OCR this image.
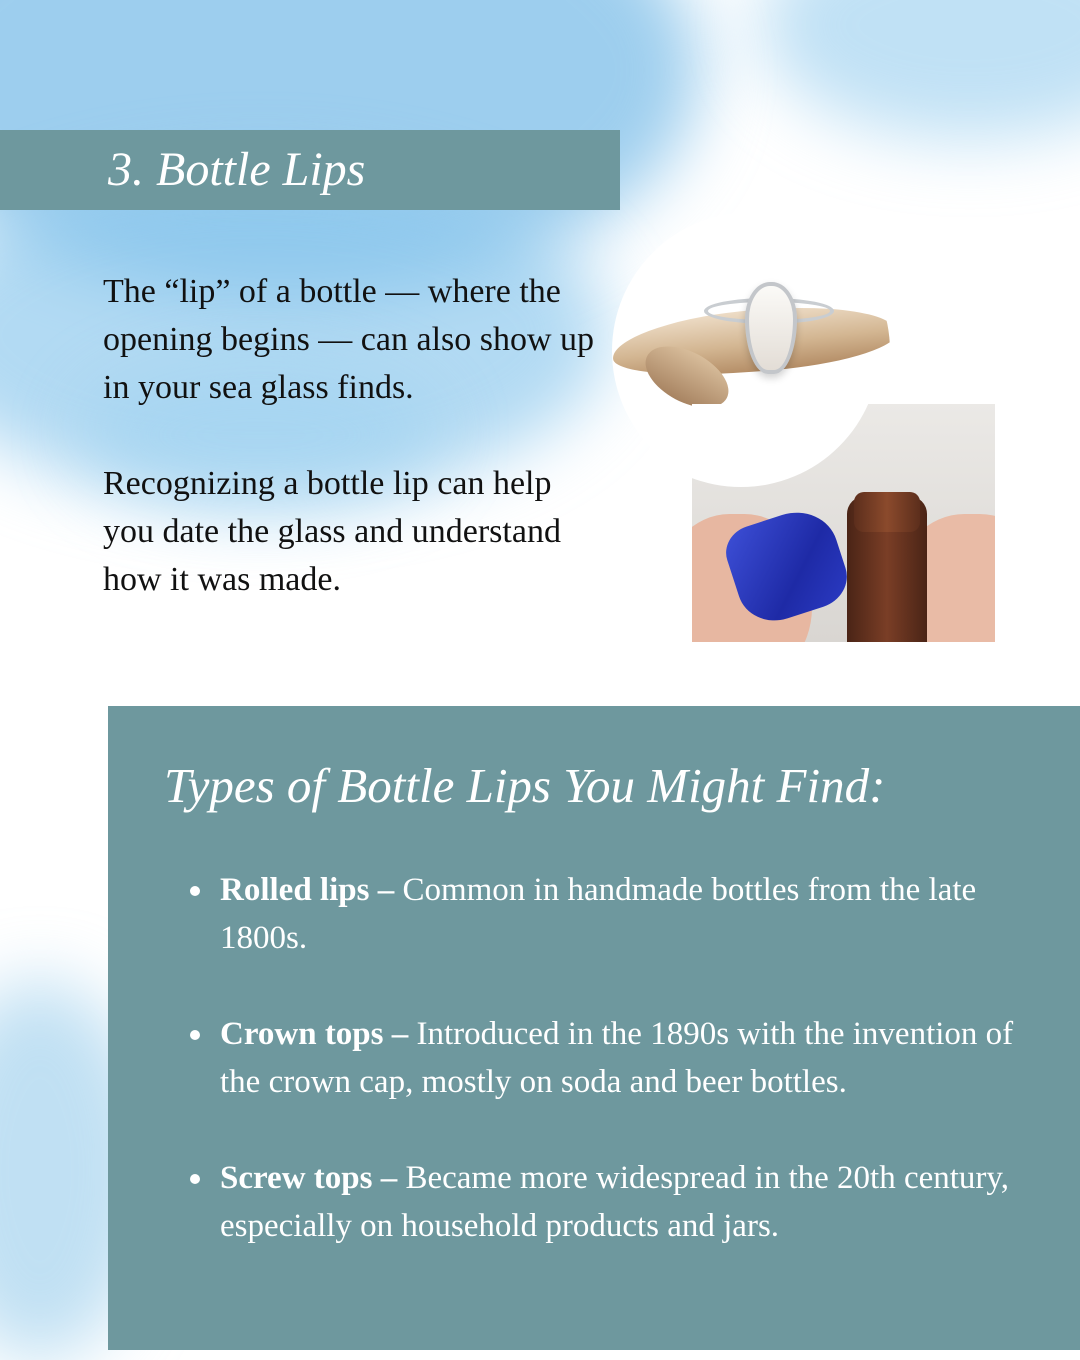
3. Bottle Lips

The “lip” of a bottle — where the opening begins — can also show up in your sea glass finds.

Recognizing a bottle lip can help you date the glass and understand how it was made.

Types of Bottle Lips You Might Find:
Rolled lips – Common in handmade bottles from the late 1800s.
Crown tops – Introduced in the 1890s with the invention of the crown cap, mostly on soda and beer bottles.
Screw tops – Became more widespread in the 20th century, especially on household products and jars.
